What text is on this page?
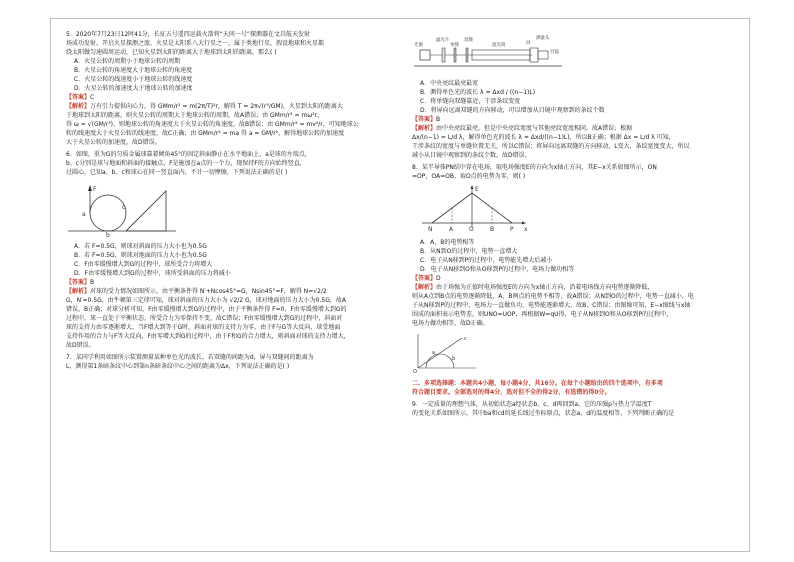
5．2020年7月23日12时41分，长征五号遥四运载火箭将“天问一号”探测器在文昌航天发射
场成功发射，开启火星探测之旅，火星是太阳系八大行星之一，属于类地行星，假设地球和火星都
绕太阳做匀速圆周运动，已知火星到太阳的距离大于地球到太阳的距离，那么( )
A．火星公转的周期小于地球公转的周期
B．火星公转的角速度大于地球公转的角速度
C．火星公转的线速度小于地球公转的线速度
D．火星公转的加速度大于地球公转的加速度
【答案】C
【解析】万有引力提供向心力，得 GMm/r² = m(2π/T)²r，解得 T = 2π√(r³/GM)，火星到太阳的距离大
于地球到太阳的距离，则火星公转的周期大于地球公转的周期，故A错误；由 GMm/r² = mω²r，
得 ω = √(GM/r³)，则地球公转的角速度大于火星公转的角速度，故B错误；由 GMm/r² = mv²/r，可知地球公
转的线速度大于火星公转的线速度，故C正确；由 GMm/r² = ma 得 a = GM/r²，解得地球公转的加速度
大于火星公转的加速度，故D错误。
6．如图，重为G的匀质金属球靠着倾角45°的固定斜面静止在水平地面上，a是球的左端点，
b、c分别是球与地面和斜面的接触点，F是施加在a点的一个力，现保持F的方向始终竖直，
过圆心，已知a、b、c和球心在同一竖直面内，不计一切摩擦，下列说法正确的是( )
a
F
b
c
A．若 F=0.5G，则球对斜面的压力大小也为0.5G
B．若 F=0.5G，则球对地面的压力大小也为0.5G
C．F由零缓慢增大到G的过程中，球所受合力将增大
D．F由零缓慢增大到G的过程中，球所受斜面的压力将减小
【答案】B
【解析】对球的受力情况如图所示，由平衡条件得 N′+Ncos45°=G，Nsin45°=F，解得 N=√2/2
G，N′=0.5G，由牛顿第三定律可知，球对斜面的压力大小为 √2/2 G，球对地面的压力大小为0.5G，故A
错误，B正确；对球分析可知，F由零缓慢增大到G的过程中，由于平衡条件得 F=0，F由零缓慢增大到G的
过程中，球一直处于平衡状态，所受合力为零保持不变，故C错误；F由零缓慢增大到G的过程中，斜面对
球的支持力由零逐渐增大，当F增大到等于G时，斜面对球的支持力为零，由于F与G等大反向，球受地面
支持作用的合力与F等大反向，F由零增大到G的过程中，由于F和G的合力增大，则斜面对球的支持力增大，
故D错误。
7．某同学利用如图所示装置测量某种单色光的波长。若双缝的间距为d，屏与双缝间的距离为
L，测得第1条暗条纹中心到第n条暗条纹中心之间的距离为Δx，下列说法正确的是( )
光源
滤光片
单缝
双缝
遮光筒	屏
测量头
目镜
A．中央亮纹最亮最宽
B．测得单色光的波长 λ = Δxd / ((n−1)L)
C．将单缝向双缝靠近，干涉条纹变宽
D．将屏向远离双缝的方向移动，可以增加从目镜中观察到的条纹个数
【答案】B
【解析】由中央亮纹最亮，但是中央亮纹宽度与其他亮纹宽度相同，故A错误；根据
Δx/(n−1) = L/d λ，解得单色光的波长 λ = Δxd/((n−1)L)，所以B正确；根据 Δx = L/d λ 可知，
干涉条纹的宽度与单缝位置无关，所以C错误；将屏向远离双缝的方向移动，L变大，条纹宽度变大，所以
减小从目镜中观察到的条纹个数，故D错误。
8．某半导体PN结中存在电场，取电场强度E的方向为x轴正方向，其E−x关系如图所示，ON
=OP，OA=OB，取O点的电势为零，则( )
E
N	A	O	B	P x
A．A、B的电势相等
B．从N到O的过程中，电势一直增大
C．电子从N移到P的过程中，电势能先增大后减小
D．电子从N移到O和从O移到P的过程中，电场力做功相等
【答案】D
【解析】由于场强为正值时电场强度E的方向为x轴正方向，沿着电场线方向电势逐渐降低，
则从A点到B点的电势逐渐降低，A、B两点的电势不相等，故A错误；从N到O的过程中，电势一直减小，电
子从N移到P的过程中，电场力一直做负功，电势能逐渐增大，故B、C错误；由图像可知，E−x图线与x轴
围成的面积表示电势差，则UNO=UOP，再根据W=qU得，电子从N移到O和从O移到P的过程中，
电场力做功相等，故D正确。
O
a
b
c
二、多项选择题：本题共4小题，每小题4分，共16分。在每个小题给出的四个选项中，有多项
符合题目要求。全部选对的得4分，选对但不全的得2分，有选错的得0分。
9．一定质量的理想气体，从初始状态a经状态b、c、d再回到a，它的压强p与热力学温度T
的变化关系如图所示，其中ba和cd的延长线过坐标原点，状态a、d的温度相等，下列判断正确的是
